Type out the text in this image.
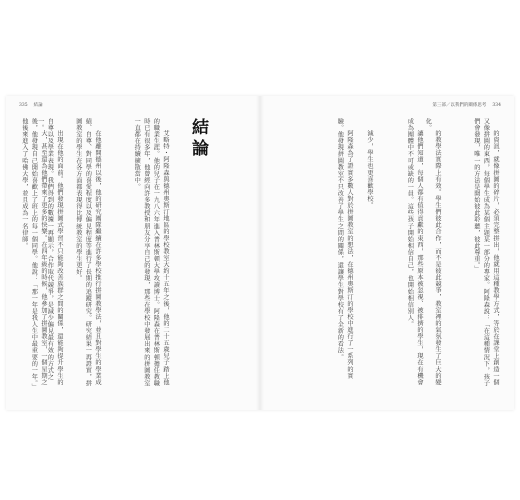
335 結論
結論

艾略特・阿隆森與德州奧斯汀地區的學校教室大約十五年之後，他的二十五歲兒子踏上他的職業生涯。他的兒子在一九八六年進入普林斯頓大學攻讀博士。阿隆森在普林斯頓擔任教職時已有很多年，他曾經向許多教授和朋友分享自己的發現，那些在學校中發展出來的拼圖教室一直都在持續擴散當中。

在他離開德州以後，他的研究團隊繼續在許多學校推行拼圖教學法，並且對學生的學業成績、自尊、對同學的喜愛程度以及偏見程度等進行了長期的追蹤研究。研究結果一再證實，拼圖教室的學生在各方面都表現得比傳統教室的學生更好。

出現在他的面前。他們發現拼圖式學習不只能夠改善族群之間的關係，還能夠提升學生的自尊以及學業表現。我們得到的數據一再顯示，合作取代競爭，是減少偏見最有效的方式之一。

大，甚至還為他們帶來了更多的快樂。在四年級的時候，他參加了拼圖教室，一個星期之後，他發現自己開始喜歡上了班上的每一個同學。他說：「那一年是我人生中最重要的一年。」他後來進入了哈佛大學，並且成為一名律師。

第三部／以我們的關係思考 334

的資訊，就像拼圖的碎片，必須完整拼出，他就用這種教學方式，等於在課堂上創造一個又像拼圖的東西，每個學生成為某個主題某一部分的專家。阿隆森說：「在這種情況下，孩子們會發現，唯一的方法是開始彼此聆聽，彼此尊重。」

的教學法實際上有效。學生們彼此合作，而不是彼此競爭，教室裡的氣氛發生了巨大的變化。

讓他們知道，每個人都有值得貢獻的東西，那些原本被忽視、被排擠的學生，現在有機會成為團體中不可或缺的一員。這些孩子開始相信自己，也開始相信別人。

減少，學生也更喜歡學校。

阿隆森為了證實多數人對於拼圖教室的想法，在德州奧斯汀的學校中進行了一系列的實驗。他發現拼圖教室不只改善了學生之間的關係，還讓學生對學校有了全新的看法。
